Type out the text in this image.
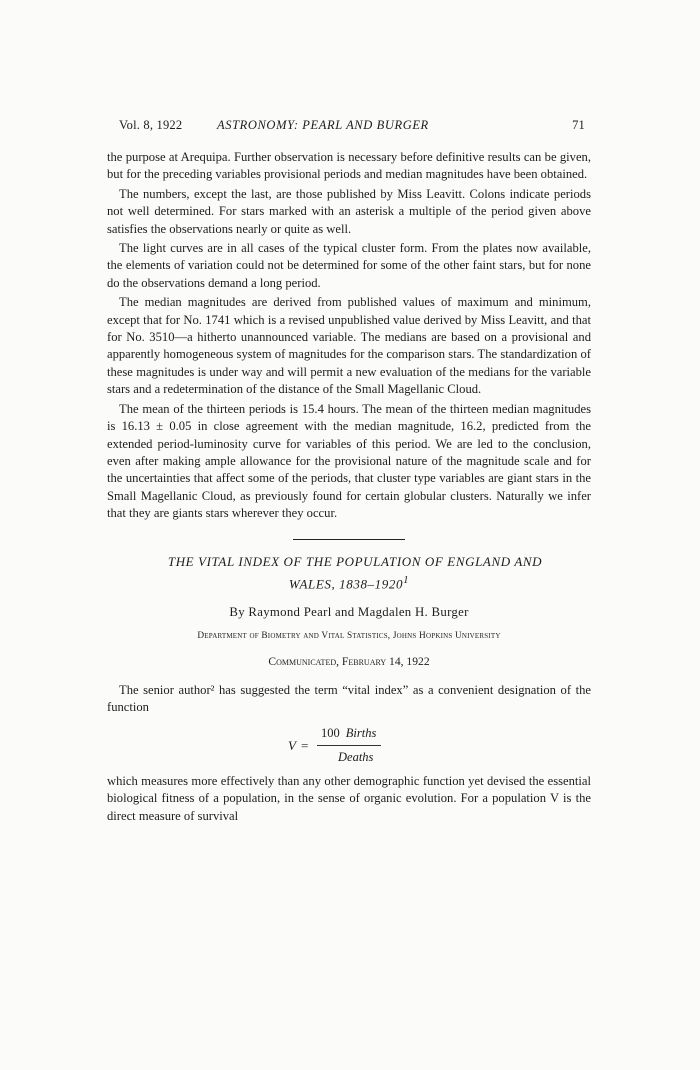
Vol. 8, 1922	ASTRONOMY: PEARL AND BURGER	71

the purpose at Arequipa. Further observation is necessary before definitive results can be given, but for the preceding variables provisional periods and median magnitudes have been obtained.

The numbers, except the last, are those published by Miss Leavitt. Colons indicate periods not well determined. For stars marked with an asterisk a multiple of the period given above satisfies the observations nearly or quite as well.

The light curves are in all cases of the typical cluster form. From the plates now available, the elements of variation could not be determined for some of the other faint stars, but for none do the observations demand a long period.

The median magnitudes are derived from published values of maximum and minimum, except that for No. 1741 which is a revised unpublished value derived by Miss Leavitt, and that for No. 3510—a hitherto unannounced variable. The medians are based on a provisional and apparently homogeneous system of magnitudes for the comparison stars. The standardization of these magnitudes is under way and will permit a new evaluation of the medians for the variable stars and a redetermination of the distance of the Small Magellanic Cloud.

The mean of the thirteen periods is 15.4 hours. The mean of the thirteen median magnitudes is 16.13 ± 0.05 in close agreement with the median magnitude, 16.2, predicted from the extended period-luminosity curve for variables of this period. We are led to the conclusion, even after making ample allowance for the provisional nature of the magnitude scale and for the uncertainties that affect some of the periods, that cluster type variables are giant stars in the Small Magellanic Cloud, as previously found for certain globular clusters. Naturally we infer that they are giants stars wherever they occur.

THE VITAL INDEX OF THE POPULATION OF ENGLAND AND
WALES, 1838–1920$^1$

By Raymond Pearl and Magdalen H. Burger
Department of Biometry and Vital Statistics, Johns Hopkins University
Communicated, February 14, 1922

The senior author² has suggested the term “vital index” as a convenient designation of the function

V =
100 Births
Deaths

which measures more effectively than any other demographic function yet devised the essential biological fitness of a population, in the sense of organic evolution. For a population V is the direct measure of survival
